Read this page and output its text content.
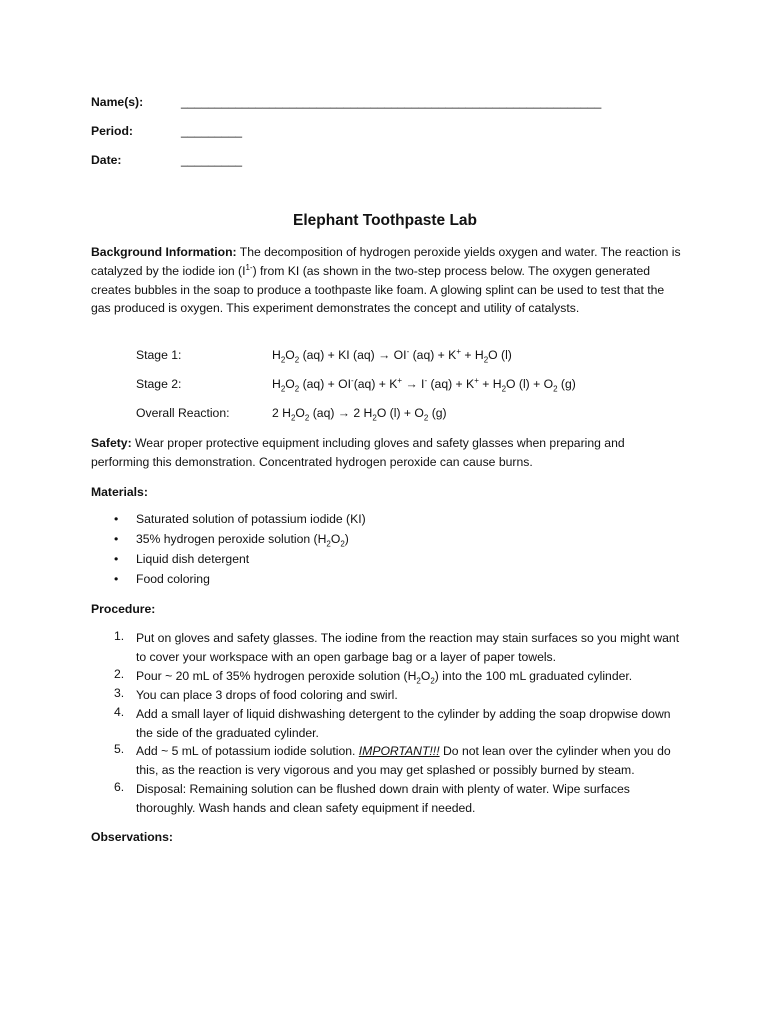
Name(s):	______________________________________________________________
Period:	_________
Date:	_________
Elephant Toothpaste Lab
Background Information: The decomposition of hydrogen peroxide yields oxygen and water. The reaction is catalyzed by the iodide ion $(I^{1-})$ from KI (as shown in the two-step process below. The oxygen generated creates bubbles in the soap to produce a toothpaste like foam. A glowing splint can be used to test that the gas produced is oxygen. This experiment demonstrates the concept and utility of catalysts.
Stage 1:	$H_2O_2$ (aq) + KI (aq) → OI- $(aq) + K^+ + H_2O$ (l)
Stage 2:	$H_2O_2$ (aq) + OI-(aq) + K+ → I- $(aq) + K^+ + H_2O$ $(l) + O_2$ (g)
Overall Reaction:	2 $H_2O_2$ (aq) → 2 $H_2O$ $(l) + O_2$ (g)
Safety: Wear proper protective equipment including gloves and safety glasses when preparing and performing this demonstration. Concentrated hydrogen peroxide can cause burns.
Materials:
• Saturated solution of potassium iodide (KI)
• 35% hydrogen peroxide solution $(H_2O_2)$
• Liquid dish detergent
• Food coloring
Procedure:
1. Put on gloves and safety glasses. The iodine from the reaction may stain surfaces so you might want to cover your workspace with an open garbage bag or a layer of paper towels.
2. Pour ~ 20 mL of 35% hydrogen peroxide solution $(H_2O_2)$ into the 100 mL graduated cylinder.
3. You can place 3 drops of food coloring and swirl.
4. Add a small layer of liquid dishwashing detergent to the cylinder by adding the soap dropwise down the side of the graduated cylinder.
5. Add ~ 5 mL of potassium iodide solution. IMPORTANT!!! Do not lean over the cylinder when you do this, as the reaction is very vigorous and you may get splashed or possibly burned by steam.
6. Disposal: Remaining solution can be flushed down drain with plenty of water. Wipe surfaces thoroughly. Wash hands and clean safety equipment if needed.
Observations:
